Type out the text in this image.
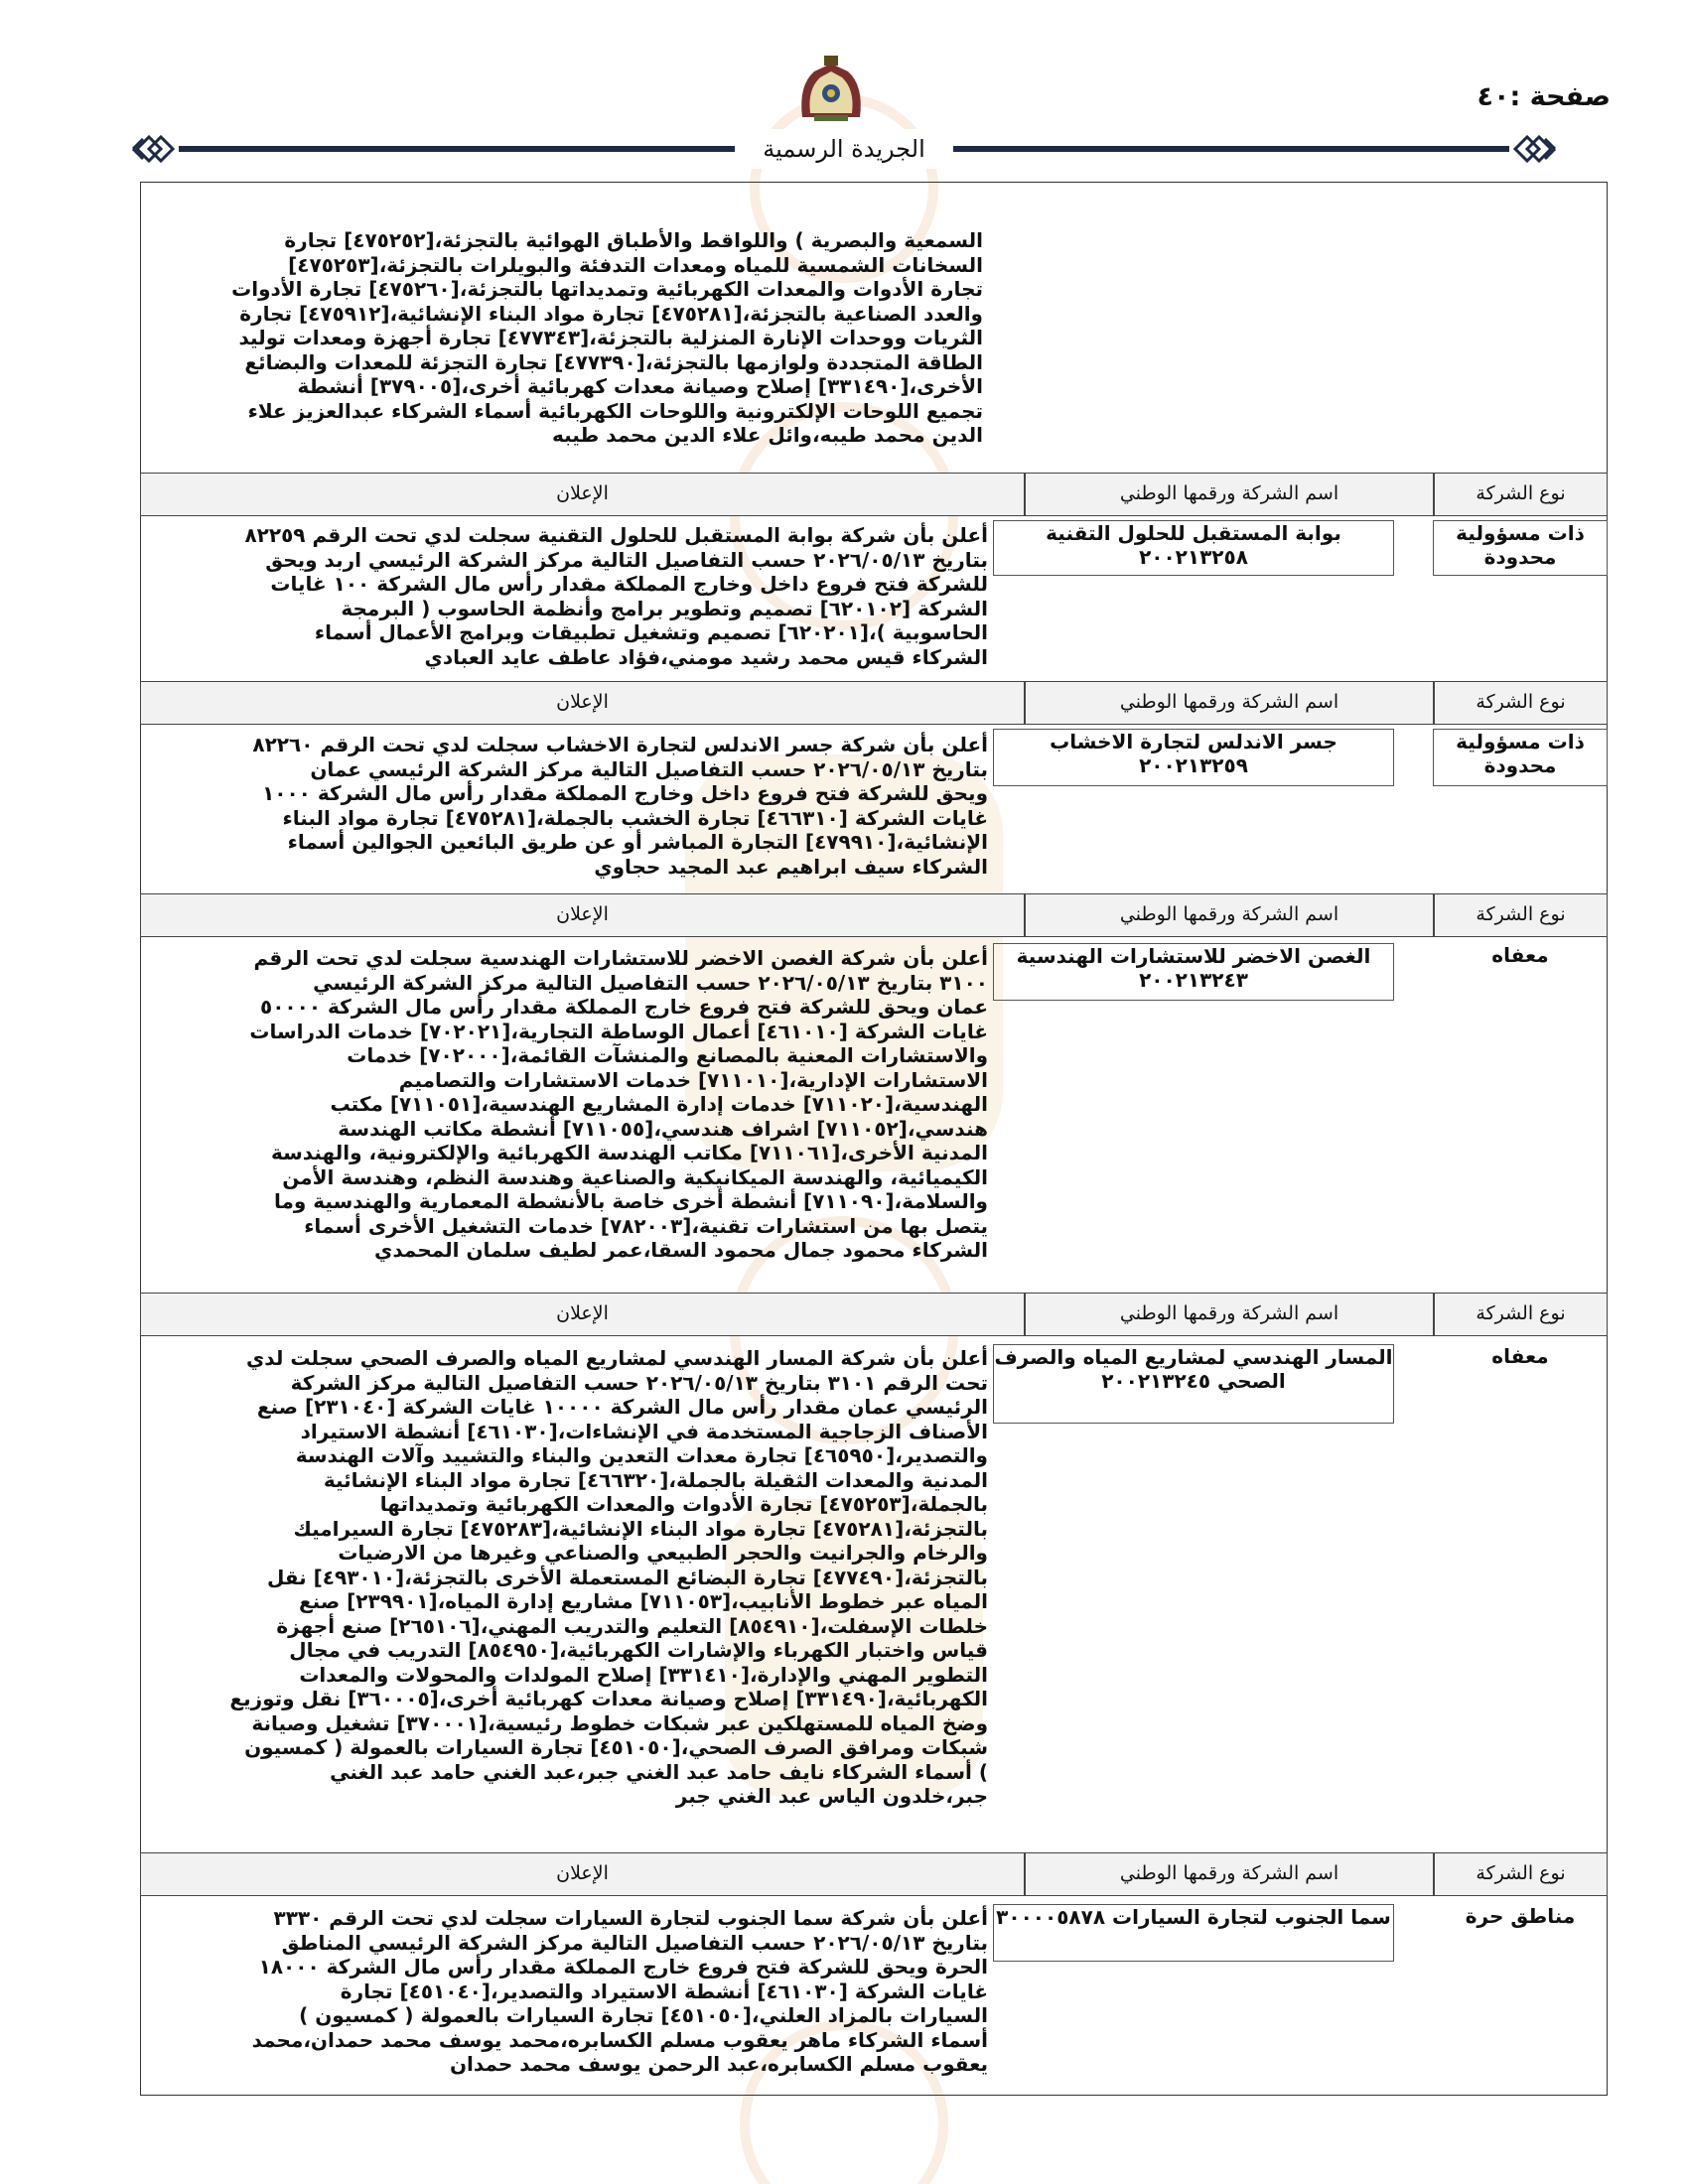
صفحة :٤٠
الجريدة الرسمية
السمعية والبصرية ) واللواقط والأطباق الهوائية بالتجزئة،[٤٧٥٢٥٢] تجارة
السخانات الشمسية للمياه ومعدات التدفئة والبويلرات بالتجزئة،[٤٧٥٢٥٣]
تجارة الأدوات والمعدات الكهربائية وتمديداتها بالتجزئة،[٤٧٥٢٦٠] تجارة الأدوات
والعدد الصناعية بالتجزئة،[٤٧٥٢٨١] تجارة مواد البناء الإنشائية،[٤٧٥٩١٢] تجارة
الثريات ووحدات الإنارة المنزلية بالتجزئة،[٤٧٧٣٤٣] تجارة أجهزة ومعدات توليد
الطاقة المتجددة ولوازمها بالتجزئة،[٤٧٧٣٩٠] تجارة التجزئة للمعدات والبضائع
الأخرى،[٣٣١٤٩٠] إصلاح وصيانة معدات كهربائية أخرى،[٣٧٩٠٠٥] أنشطة
تجميع اللوحات الإلكترونية واللوحات الكهربائية أسماء الشركاء عبدالعزيز علاء
الدين محمد طيبه،وائل علاء الدين محمد طيبه
نوع الشركة
اسم الشركة ورقمها الوطني
الإعلان
ذات مسؤولية محدودة
بوابة المستقبل للحلول التقنية ٢٠٠٢١٣٢٥٨
أعلن بأن شركة بوابة المستقبل للحلول التقنية سجلت لدي تحت الرقم ٨٢٢٥٩
بتاريخ ٢٠٢٦/٠٥/١٣ حسب التفاصيل التالية مركز الشركة الرئيسي اربد ويحق
للشركة فتح فروع داخل وخارج المملكة مقدار رأس مال الشركة ١٠٠ غايات
الشركة [٦٢٠١٠٢] تصميم وتطوير برامج وأنظمة الحاسوب ( البرمجة
الحاسوبية )،[٦٢٠٢٠١] تصميم وتشغيل تطبيقات وبرامج الأعمال أسماء
الشركاء قيس محمد رشيد مومني،فؤاد عاطف عايد العبادي
نوع الشركة
اسم الشركة ورقمها الوطني
الإعلان
ذات مسؤولية محدودة
جسر الاندلس لتجارة الاخشاب ٢٠٠٢١٣٢٥٩
أعلن بأن شركة جسر الاندلس لتجارة الاخشاب سجلت لدي تحت الرقم ٨٢٢٦٠
بتاريخ ٢٠٢٦/٠٥/١٣ حسب التفاصيل التالية مركز الشركة الرئيسي عمان
ويحق للشركة فتح فروع داخل وخارج المملكة مقدار رأس مال الشركة ١٠٠٠
غايات الشركة [٤٦٦٣١٠] تجارة الخشب بالجملة،[٤٧٥٢٨١] تجارة مواد البناء
الإنشائية،[٤٧٩٩١٠] التجارة المباشر أو عن طريق البائعين الجوالين أسماء
الشركاء سيف ابراهيم عبد المجيد حجاوي
نوع الشركة
اسم الشركة ورقمها الوطني
الإعلان
معفاه
الغصن الاخضر للاستشارات الهندسية ٢٠٠٢١٣٢٤٣
أعلن بأن شركة الغصن الاخضر للاستشارات الهندسية سجلت لدي تحت الرقم
٣١٠٠ بتاريخ ٢٠٢٦/٠٥/١٣ حسب التفاصيل التالية مركز الشركة الرئيسي
عمان ويحق للشركة فتح فروع خارج المملكة مقدار رأس مال الشركة ٥٠٠٠٠
غايات الشركة [٤٦١٠١٠] أعمال الوساطة التجارية،[٧٠٢٠٢١] خدمات الدراسات
والاستشارات المعنية بالمصانع والمنشآت القائمة،[٧٠٢٠٠٠] خدمات
الاستشارات الإدارية،[٧١١٠١٠] خدمات الاستشارات والتصاميم
الهندسية،[٧١١٠٢٠] خدمات إدارة المشاريع الهندسية،[٧١١٠٥١] مكتب
هندسي،[٧١١٠٥٢] اشراف هندسي،[٧١١٠٥٥] أنشطة مكاتب الهندسة
المدنية الأخرى،[٧١١٠٦١] مكاتب الهندسة الكهربائية والإلكترونية، والهندسة
الكيميائية، والهندسة الميكانيكية والصناعية وهندسة النظم، وهندسة الأمن
والسلامة،[٧١١٠٩٠] أنشطة أخرى خاصة بالأنشطة المعمارية والهندسية وما
يتصل بها من استشارات تقنية،[٧٨٢٠٠٣] خدمات التشغيل الأخرى أسماء
الشركاء محمود جمال محمود السقا،عمر لطيف سلمان المحمدي
نوع الشركة
اسم الشركة ورقمها الوطني
الإعلان
معفاه
المسار الهندسي لمشاريع المياه والصرف الصحي ٢٠٠٢١٣٢٤٥
أعلن بأن شركة المسار الهندسي لمشاريع المياه والصرف الصحي سجلت لدي
تحت الرقم ٣١٠١ بتاريخ ٢٠٢٦/٠٥/١٣ حسب التفاصيل التالية مركز الشركة
الرئيسي عمان مقدار رأس مال الشركة ١٠٠٠٠ غايات الشركة [٢٣١٠٤٠] صنع
الأصناف الزجاجية المستخدمة في الإنشاءات،[٤٦١٠٣٠] أنشطة الاستيراد
والتصدير،[٤٦٥٩٥٠] تجارة معدات التعدين والبناء والتشييد وآلات الهندسة
المدنية والمعدات الثقيلة بالجملة،[٤٦٦٣٢٠] تجارة مواد البناء الإنشائية
بالجملة،[٤٧٥٢٥٣] تجارة الأدوات والمعدات الكهربائية وتمديداتها
بالتجزئة،[٤٧٥٢٨١] تجارة مواد البناء الإنشائية،[٤٧٥٢٨٣] تجارة السيراميك
والرخام والجرانيت والحجر الطبيعي والصناعي وغيرها من الارضيات
بالتجزئة،[٤٧٧٤٩٠] تجارة البضائع المستعملة الأخرى بالتجزئة،[٤٩٣٠١٠] نقل
المياه عبر خطوط الأنابيب،[٧١١٠٥٣] مشاريع إدارة المياه،[٢٣٩٩٠١] صنع
خلطات الإسفلت،[٨٥٤٩١٠] التعليم والتدريب المهني،[٢٦٥١٠٦] صنع أجهزة
قياس واختبار الكهرباء والإشارات الكهربائية،[٨٥٤٩٥٠] التدريب في مجال
التطوير المهني والإدارة،[٣٣١٤١٠] إصلاح المولدات والمحولات والمعدات
الكهربائية،[٣٣١٤٩٠] إصلاح وصيانة معدات كهربائية أخرى،[٣٦٠٠٠٥] نقل وتوزيع
وضخ المياه للمستهلكين عبر شبكات خطوط رئيسية،[٣٧٠٠٠١] تشغيل وصيانة
شبكات ومرافق الصرف الصحي،[٤٥١٠٥٠] تجارة السيارات بالعمولة ( كمسيون
) أسماء الشركاء نايف حامد عبد الغني جبر،عبد الغني حامد عبد الغني
جبر،خلدون الياس عبد الغني جبر
نوع الشركة
اسم الشركة ورقمها الوطني
الإعلان
مناطق حرة
سما الجنوب لتجارة السيارات ٣٠٠٠٠٥٨٧٨
أعلن بأن شركة سما الجنوب لتجارة السيارات سجلت لدي تحت الرقم ٣٣٣٠
بتاريخ ٢٠٢٦/٠٥/١٣ حسب التفاصيل التالية مركز الشركة الرئيسي المناطق
الحرة ويحق للشركة فتح فروع خارج المملكة مقدار رأس مال الشركة ١٨٠٠٠
غايات الشركة [٤٦١٠٣٠] أنشطة الاستيراد والتصدير،[٤٥١٠٤٠] تجارة
السيارات بالمزاد العلني،[٤٥١٠٥٠] تجارة السيارات بالعمولة ( كمسيون )
أسماء الشركاء ماهر يعقوب مسلم الكسابره،محمد يوسف محمد حمدان،محمد
يعقوب مسلم الكسابره،عبد الرحمن يوسف محمد حمدان
